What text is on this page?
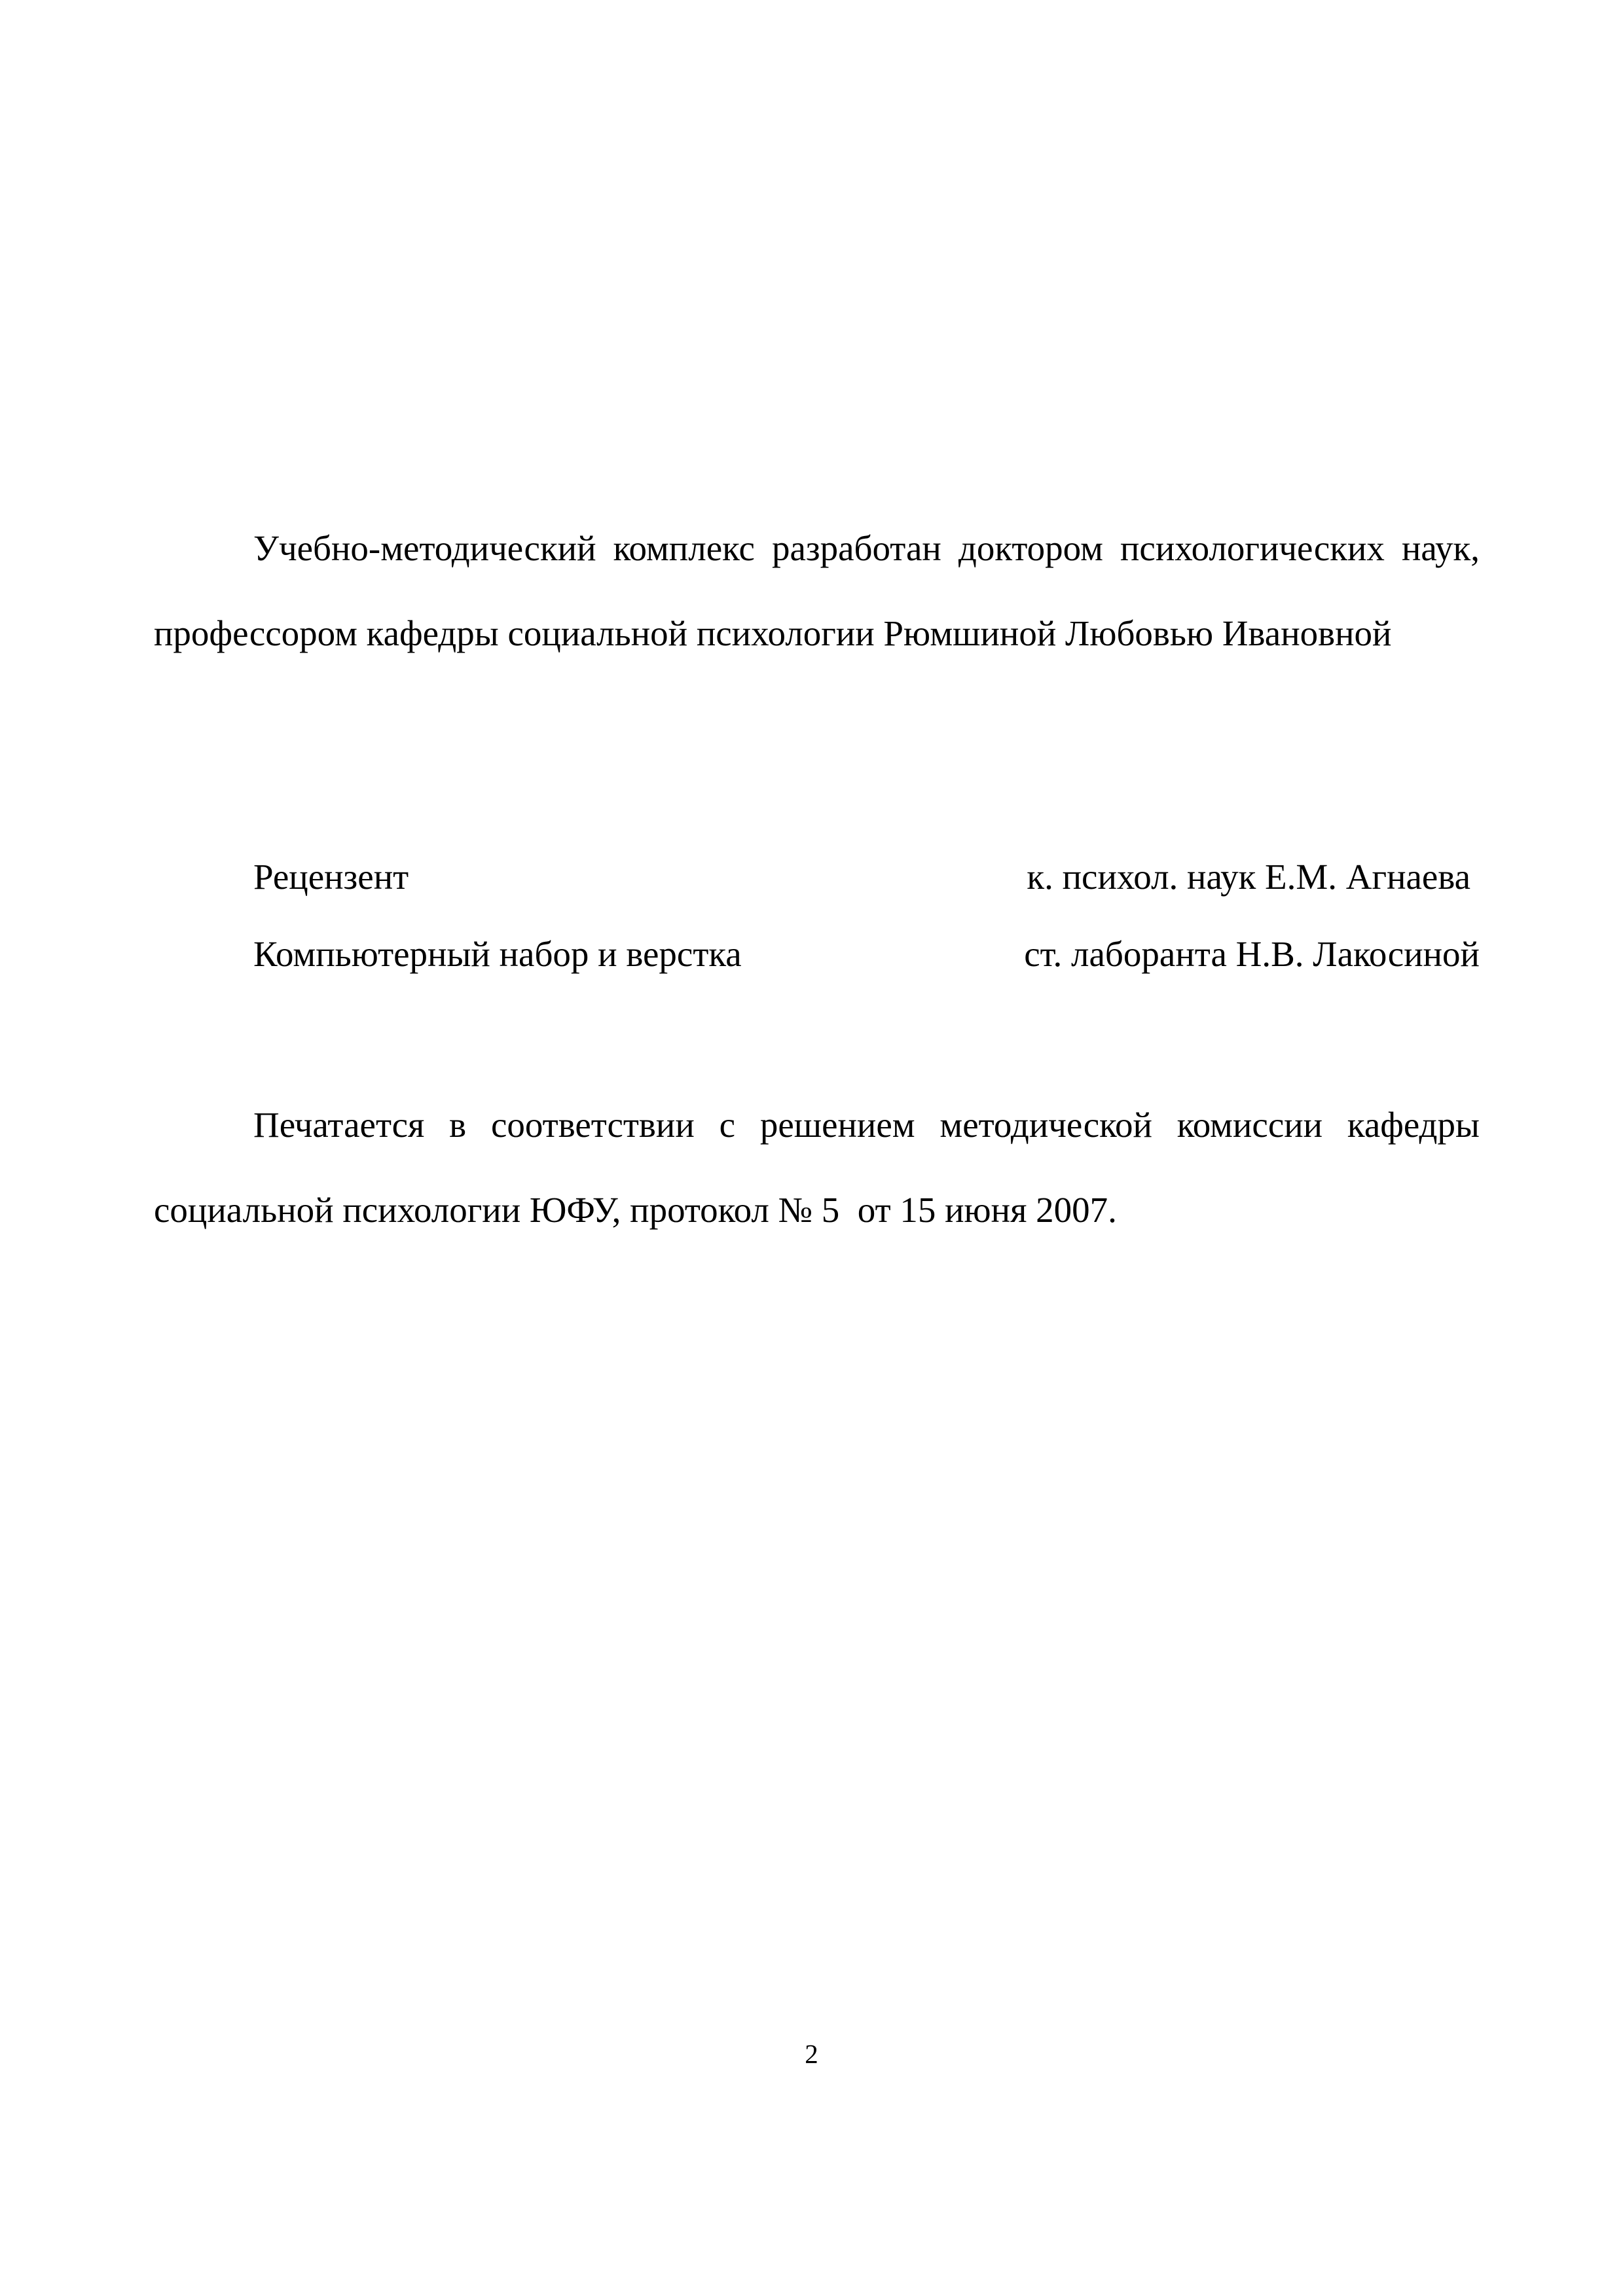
Учебно-методический комплекс разработан доктором психологических наук, профессором кафедры социальной психологии Рюмшиной Любовью Ивановной

Рецензент	к. психол. наук Е.М. Агнаева
Компьютерный набор и верстка	ст. лаборанта Н.В. Лакосиной

Печатается в соответствии с решением методической комиссии кафедры социальной психологии ЮФУ, протокол № 5  от 15 июня 2007.

2
